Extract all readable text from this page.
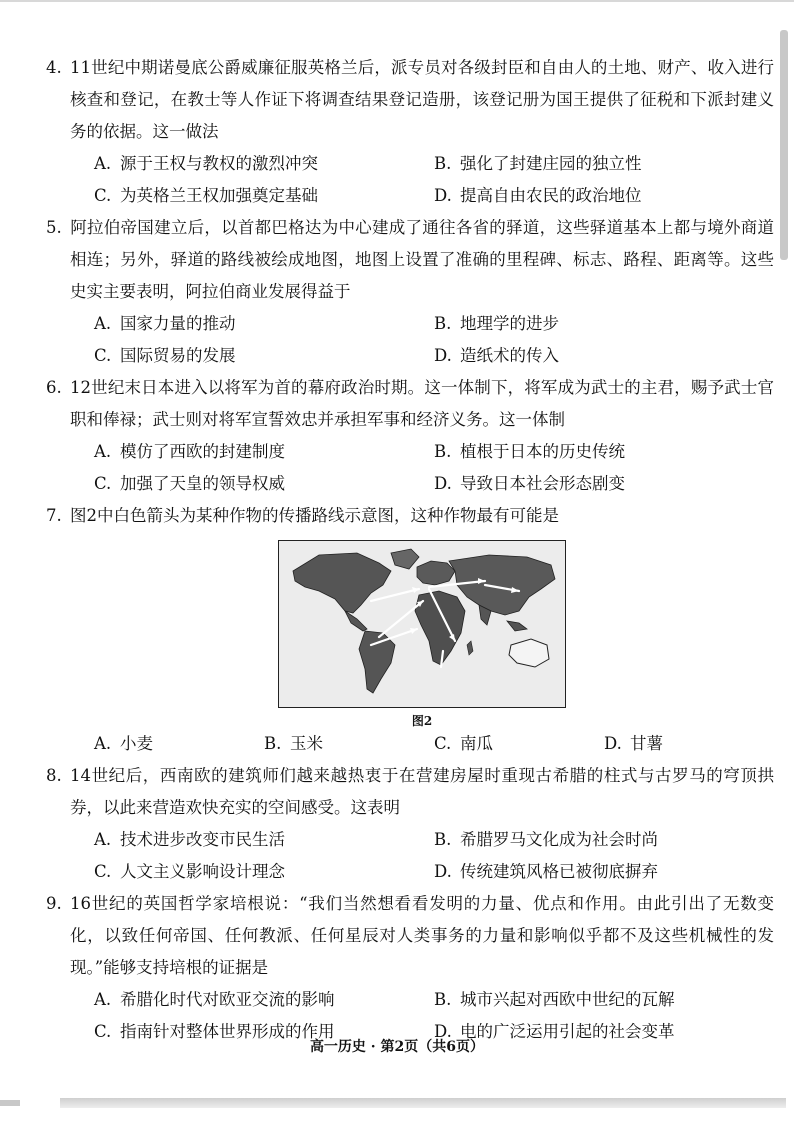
4. 11世纪中期诺曼底公爵威廉征服英格兰后，派专员对各级封臣和自由人的土地、财产、收入进行核查和登记，在教士等人作证下将调查结果登记造册，该登记册为国王提供了征税和下派封建义务的依据。这一做法
A. 源于王权与教权的激烈冲突	B. 强化了封建庄园的独立性
C. 为英格兰王权加强奠定基础	D. 提高自由农民的政治地位
5. 阿拉伯帝国建立后，以首都巴格达为中心建成了通往各省的驿道，这些驿道基本上都与境外商道相连；另外，驿道的路线被绘成地图，地图上设置了准确的里程碑、标志、路程、距离等。这些史实主要表明，阿拉伯商业发展得益于
A. 国家力量的推动	B. 地理学的进步
C. 国际贸易的发展	D. 造纸术的传入
6. 12世纪末日本进入以将军为首的幕府政治时期。这一体制下，将军成为武士的主君，赐予武士官职和俸禄；武士则对将军宣誓效忠并承担军事和经济义务。这一体制
A. 模仿了西欧的封建制度	B. 植根于日本的历史传统
C. 加强了天皇的领导权威	D. 导致日本社会形态剧变
7. 图2中白色箭头为某种作物的传播路线示意图，这种作物最有可能是
图2
A. 小麦	B. 玉米	C. 南瓜	D. 甘薯
8. 14世纪后，西南欧的建筑师们越来越热衷于在营建房屋时重现古希腊的柱式与古罗马的穹顶拱券，以此来营造欢快充实的空间感受。这表明
A. 技术进步改变市民生活	B. 希腊罗马文化成为社会时尚
C. 人文主义影响设计理念	D. 传统建筑风格已被彻底摒弃
9. 16世纪的英国哲学家培根说：“我们当然想看看发明的力量、优点和作用。由此引出了无数变化，以致任何帝国、任何教派、任何星辰对人类事务的力量和影响似乎都不及这些机械性的发现。”能够支持培根的证据是
A. 希腊化时代对欧亚交流的影响	B. 城市兴起对西欧中世纪的瓦解
C. 指南针对整体世界形成的作用	D. 电的广泛运用引起的社会变革
高一历史 · 第2页（共6页）
